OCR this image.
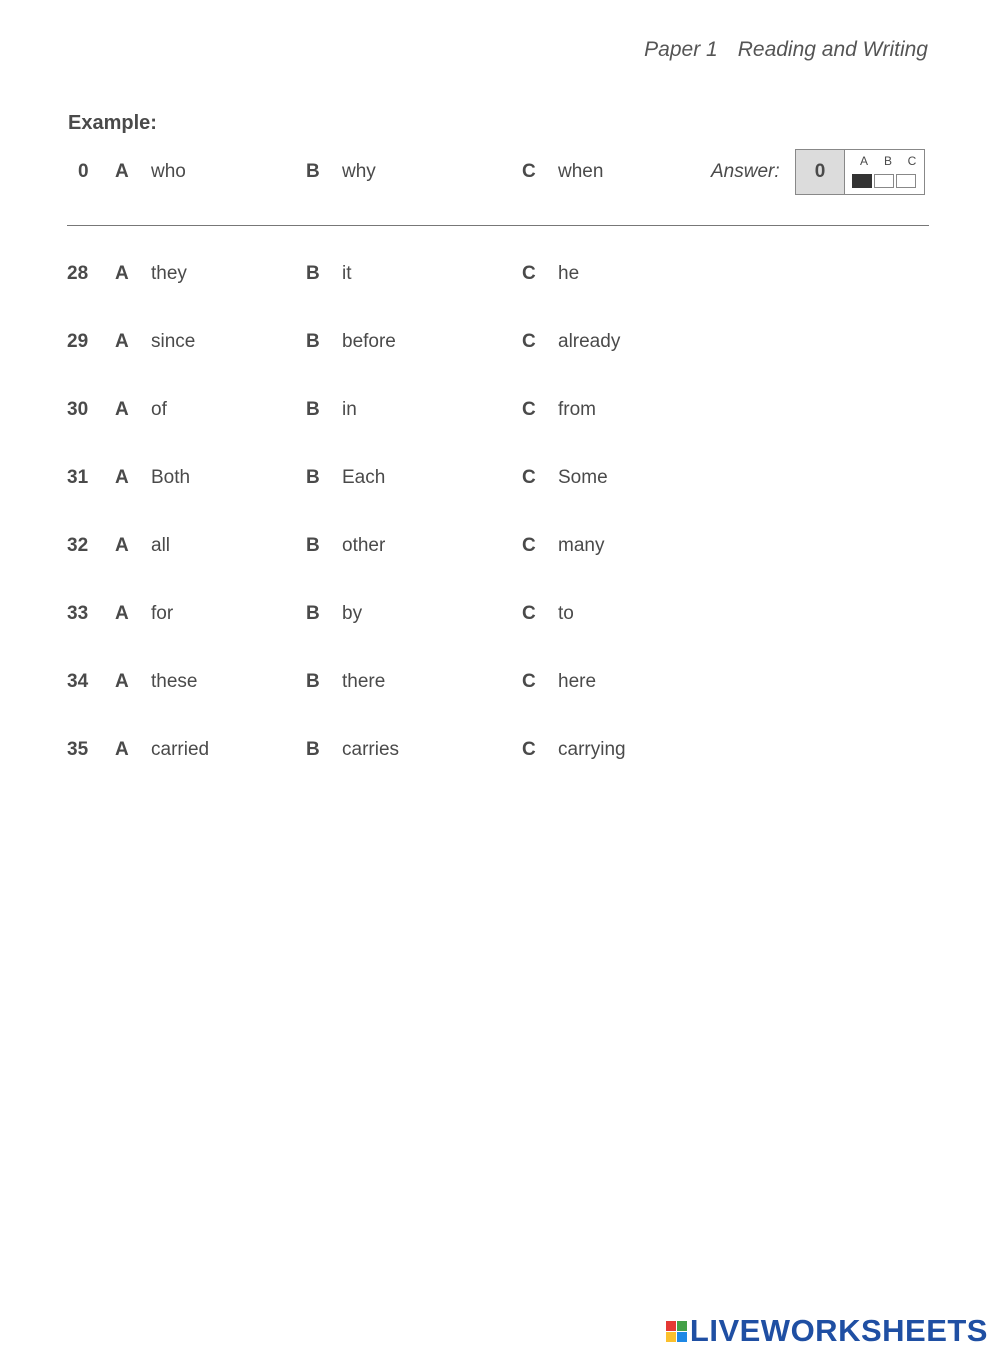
Paper 1 Reading and Writing
Example:
0 A who	B why	C when	Answer:	0	A B C
28 A they	B it	C he
29 A since	B before	C already
30 A of	B in	C from
31 A Both	B Each	C Some
32 A all	B other	C many
33 A for	B by	C to
34 A these	B there	C here
35 A carried	B carries	C carrying
LIVEWORKSHEETS
